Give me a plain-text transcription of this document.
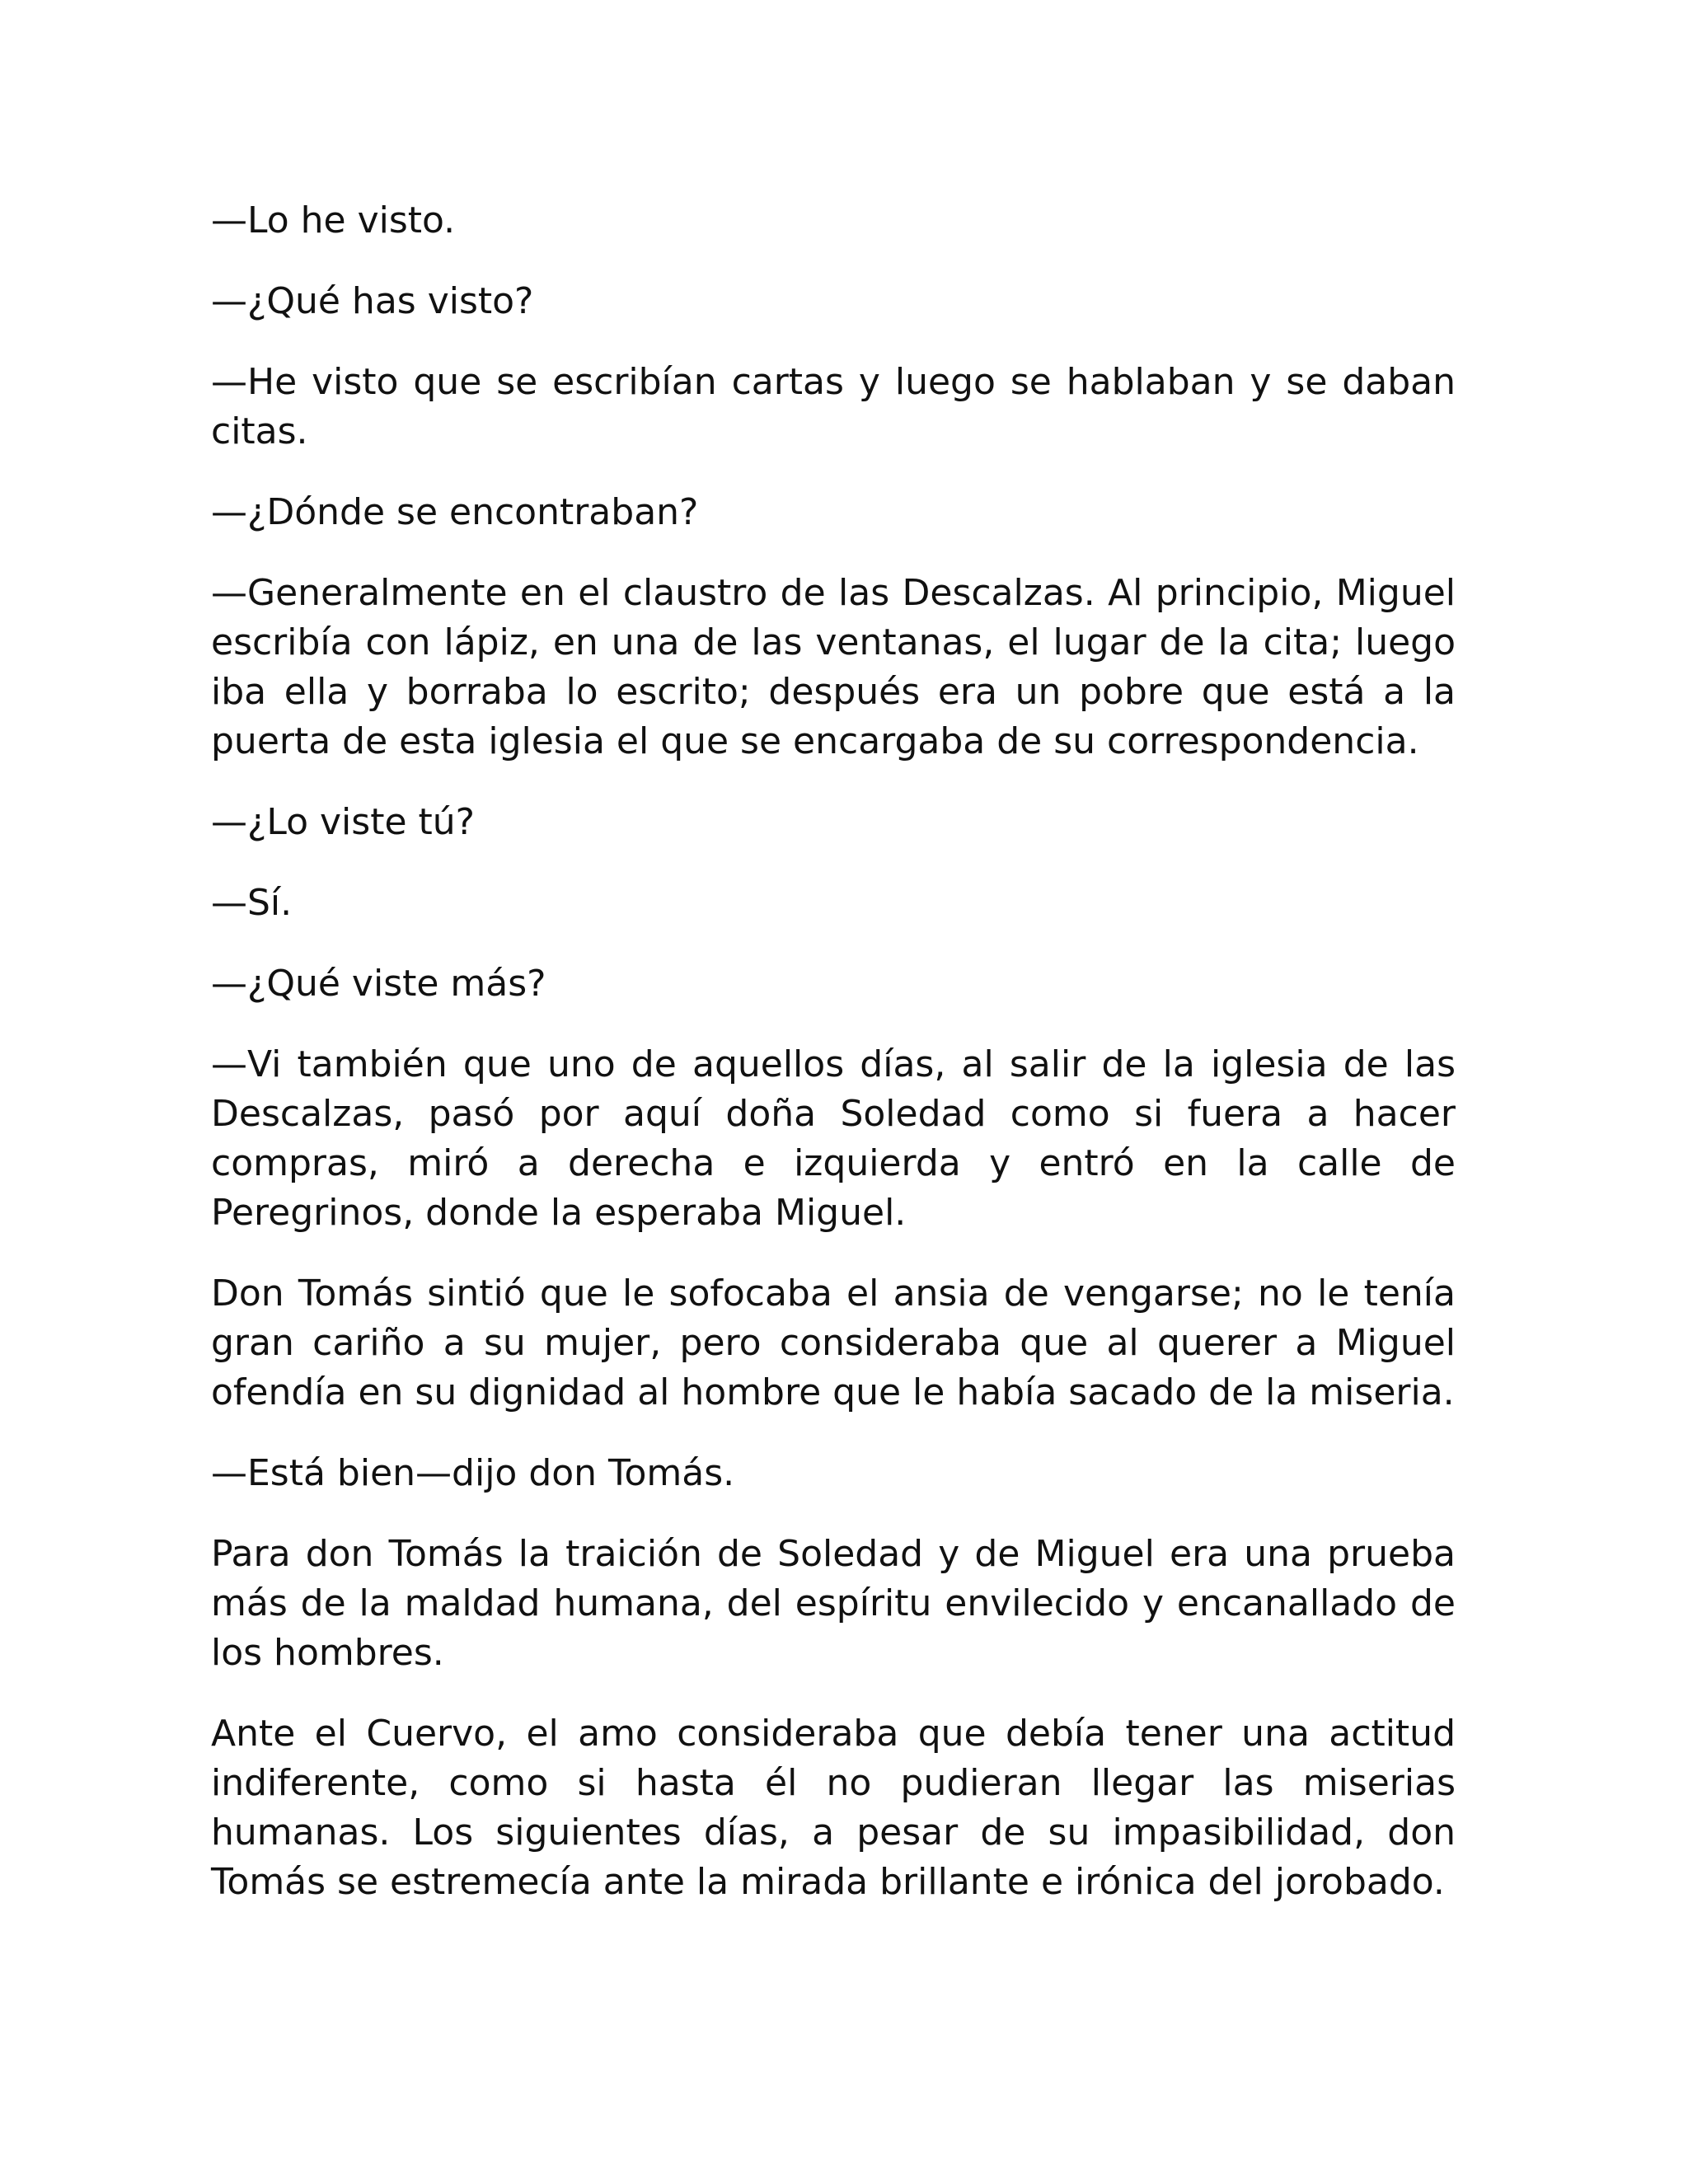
—Lo he visto.

—¿Qué has visto?

—He visto que se escribían cartas y luego se hablaban y se daban citas.

—¿Dónde se encontraban?

—Generalmente en el claustro de las Descalzas. Al principio, Miguel escribía con lápiz, en una de las ventanas, el lugar de la cita; luego iba ella y borraba lo escrito; después era un pobre que está a la puerta de esta iglesia el que se encargaba de su correspondencia.

—¿Lo viste tú?

—Sí.

—¿Qué viste más?

—Vi también que uno de aquellos días, al salir de la iglesia de las Descalzas, pasó por aquí doña Soledad como si fuera a hacer compras, miró a derecha e izquierda y entró en la calle de Peregrinos, donde la esperaba Miguel.

Don Tomás sintió que le sofocaba el ansia de vengarse; no le tenía gran cariño a su mujer, pero consideraba que al querer a Miguel ofendía en su dignidad al hombre que le había sacado de la miseria.

—Está bien—dijo don Tomás.

Para don Tomás la traición de Soledad y de Miguel era una prueba más de la maldad humana, del espíritu envilecido y encanallado de los hombres.

Ante el Cuervo, el amo consideraba que debía tener una actitud indiferente, como si hasta él no pudieran llegar las miserias humanas. Los siguientes días, a pesar de su impasibilidad, don Tomás se estremecía ante la mirada brillante e irónica del jorobado.
